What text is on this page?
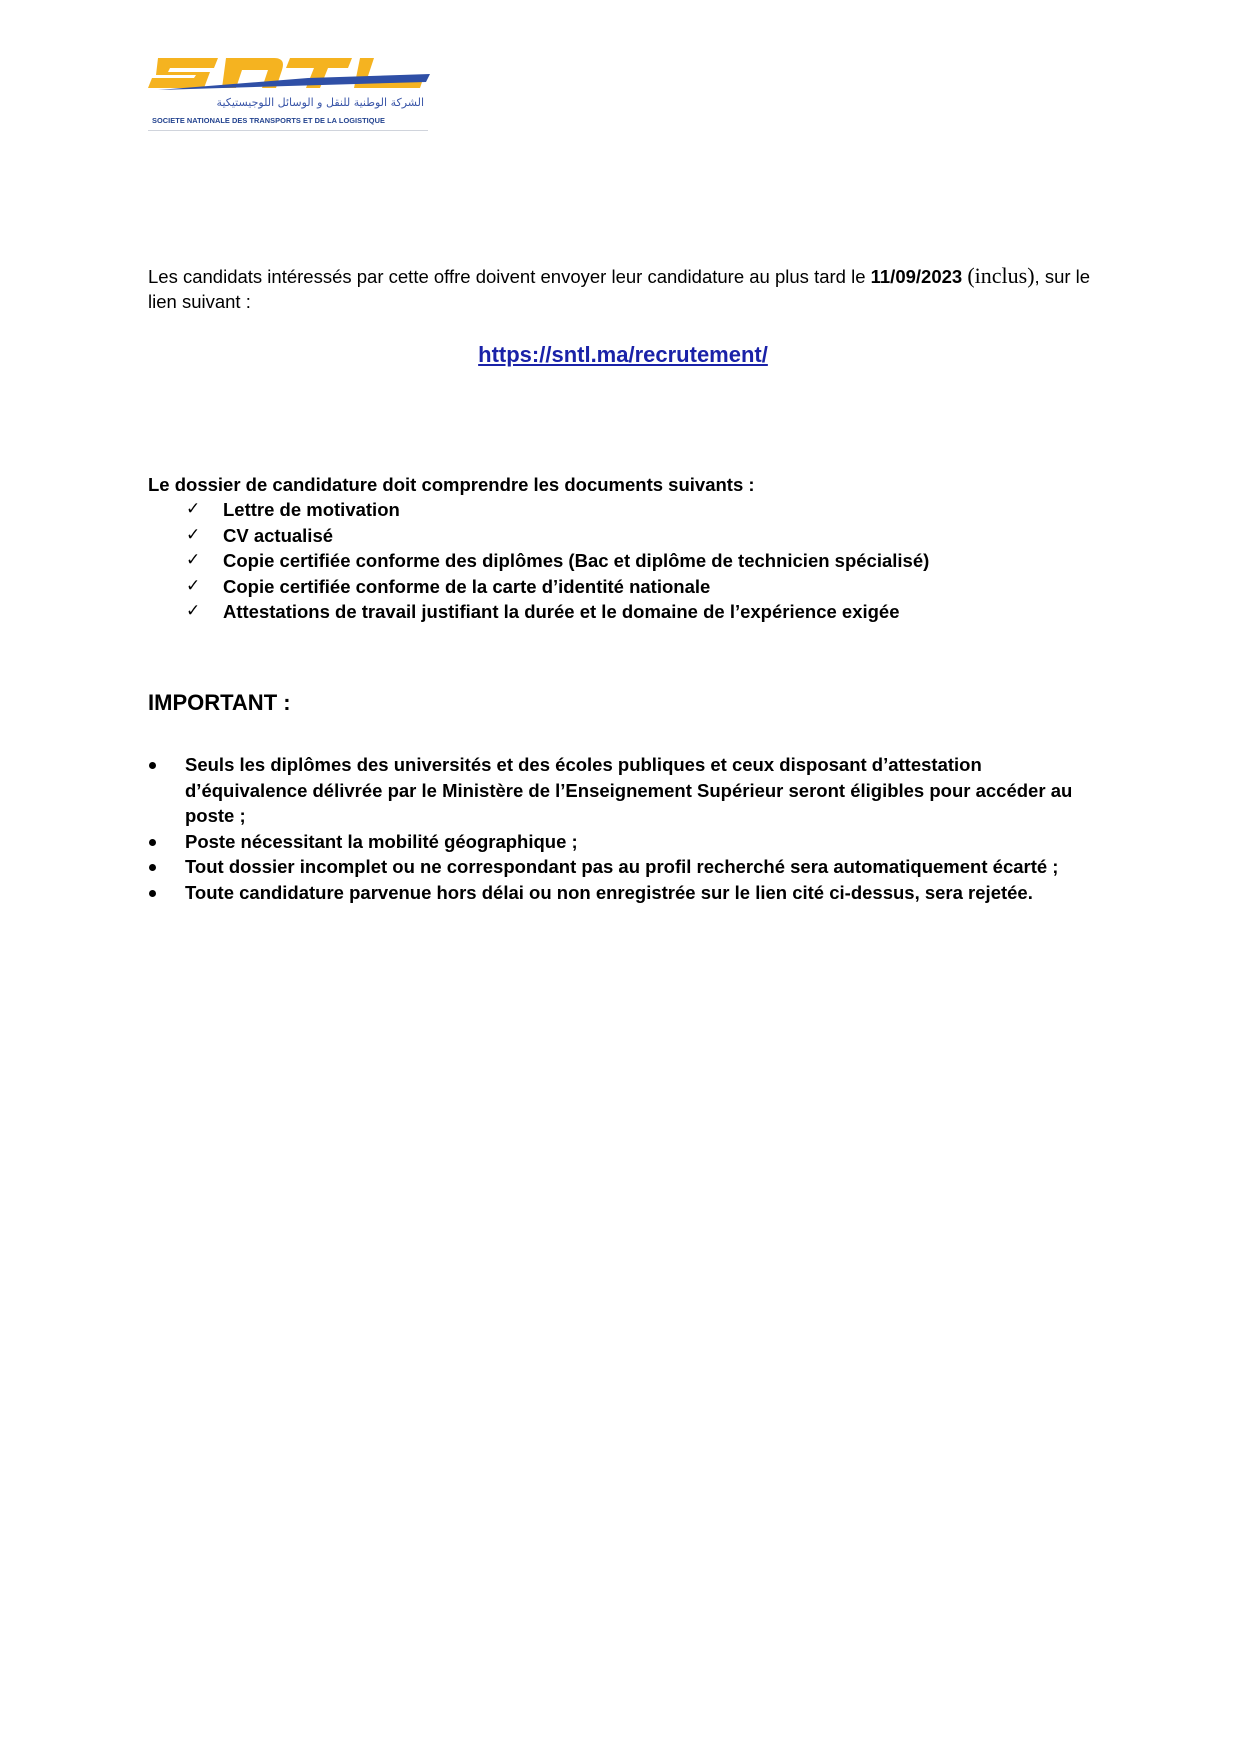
الشركة الوطنية للنقل و الوسائل اللوجيستيكية
SOCIETE NATIONALE DES TRANSPORTS ET DE LA LOGISTIQUE
Les candidats intéressés par cette offre doivent envoyer leur candidature au plus tard le 11/09/2023 (inclus), sur le lien suivant :
https://sntl.ma/recrutement/
Le dossier de candidature doit comprendre les documents suivants :
✓ Lettre de motivation
✓ CV actualisé
✓ Copie certifiée conforme des diplômes (Bac et diplôme de technicien spécialisé)
✓ Copie certifiée conforme de la carte d’identité nationale
✓ Attestations de travail justifiant la durée et le domaine de l’expérience exigée
IMPORTANT :
Seuls les diplômes des universités et des écoles publiques et ceux disposant d’attestation d’équivalence délivrée par le Ministère de l’Enseignement Supérieur seront éligibles pour accéder au poste ;
Poste nécessitant la mobilité géographique ;
Tout dossier incomplet ou ne correspondant pas au profil recherché sera automatiquement écarté ;
Toute candidature parvenue hors délai ou non enregistrée sur le lien cité ci-dessus, sera rejetée.
